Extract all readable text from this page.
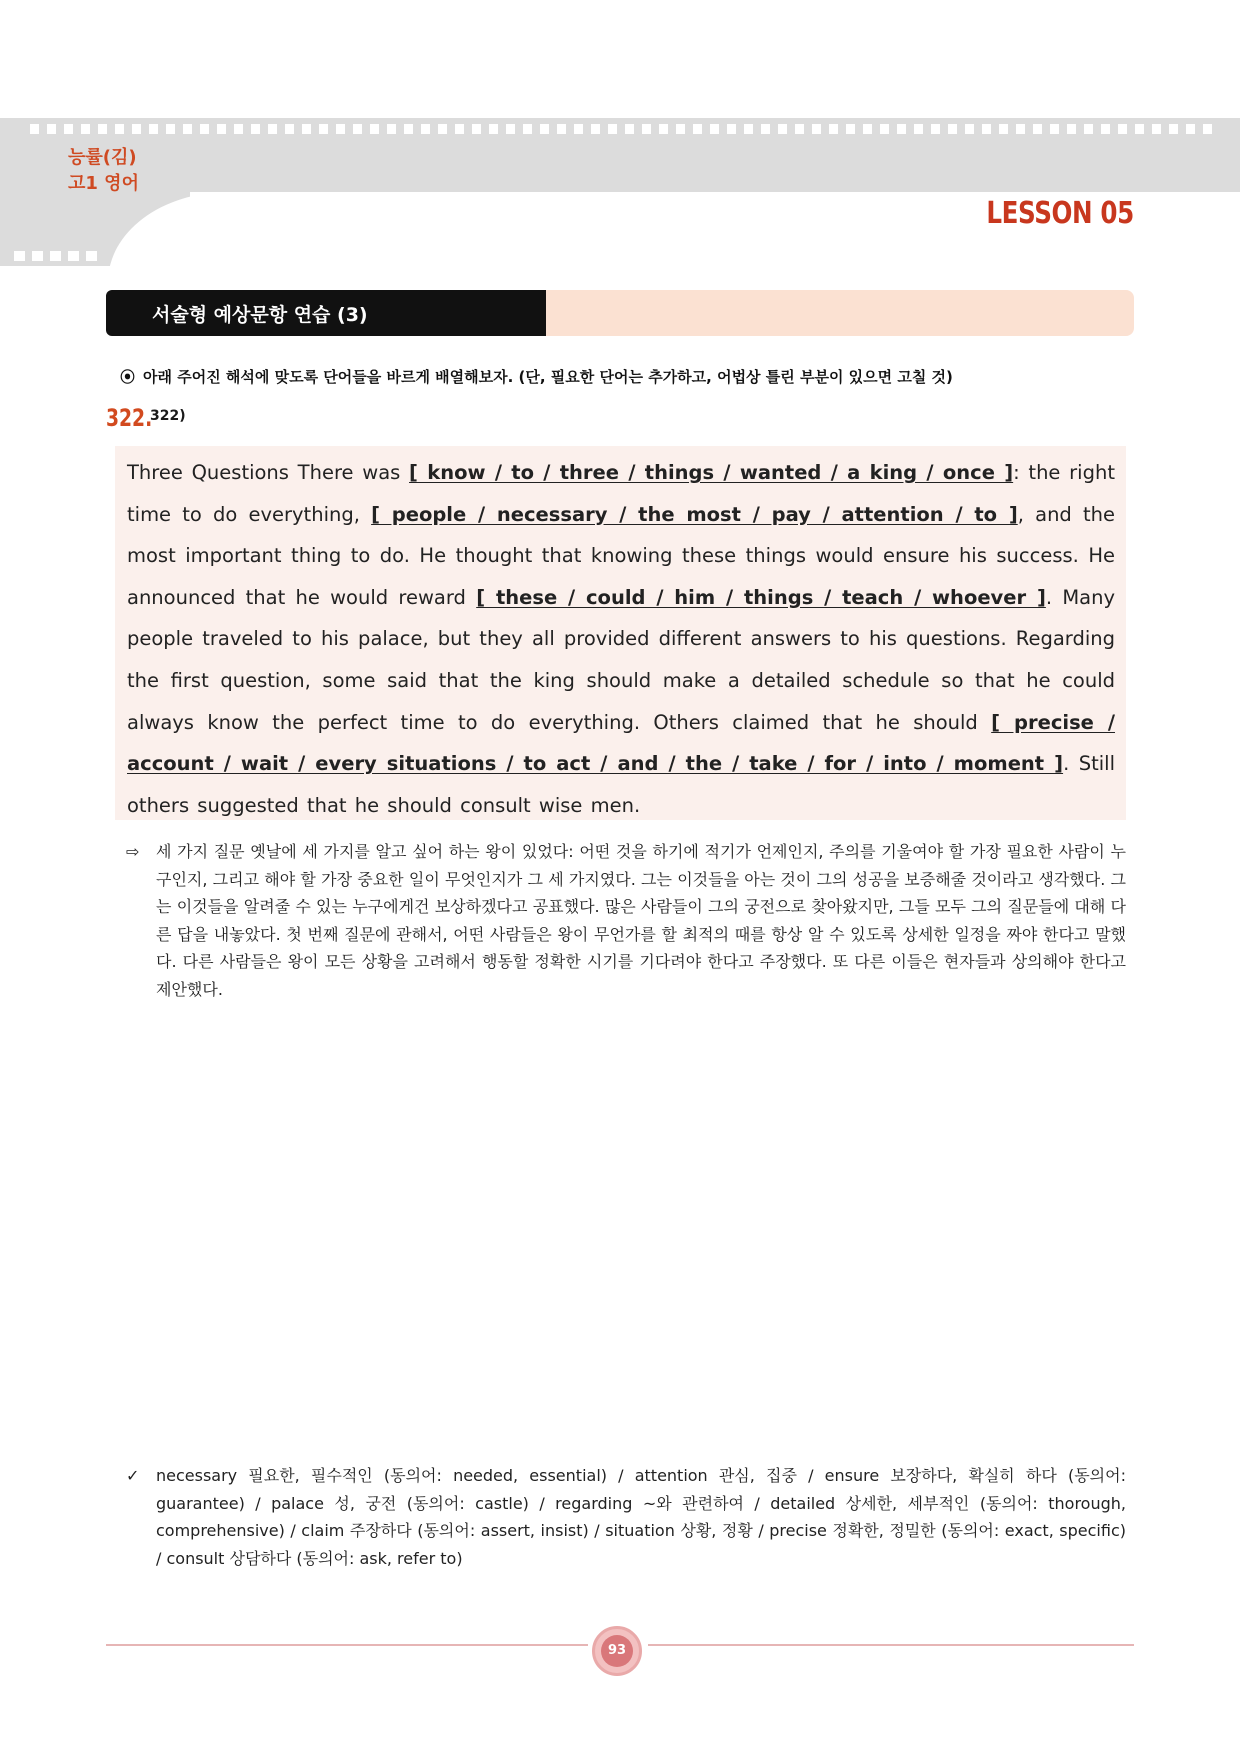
능률(김)
고1 영어
LESSON 05
서술형 예상문항 연습 (3)
⦿ 아래 주어진 해석에 맞도록 단어들을 바르게 배열해보자. (단, 필요한 단어는 추가하고, 어법상 틀린 부분이 있으면 고칠 것)
322.
322)
Three Questions There was [ know / to / three / things / wanted / a king / once ]: the right time to do everything, [ people / necessary / the most / pay / attention / to ], and the most important thing to do. He thought that knowing these things would ensure his success. He announced that he would reward [ these / could / him / things / teach / whoever ]. Many people traveled to his palace, but they all provided different answers to his questions. Regarding the first question, some said that the king should make a detailed schedule so that he could always know the perfect time to do everything. Others claimed that he should [ precise / account / wait / every situations / to act / and / the / take / for / into / moment ]. Still others suggested that he should consult wise men.
⇨	세 가지 질문 옛날에 세 가지를 알고 싶어 하는 왕이 있었다: 어떤 것을 하기에 적기가 언제인지, 주의를 기울여야 할 가장 필요한 사람이 누구인지, 그리고 해야 할 가장 중요한 일이 무엇인지가 그 세 가지였다. 그는 이것들을 아는 것이 그의 성공을 보증해줄 것이라고 생각했다. 그는 이것들을 알려줄 수 있는 누구에게건 보상하겠다고 공표했다. 많은 사람들이 그의 궁전으로 찾아왔지만, 그들 모두 그의 질문들에 대해 다른 답을 내놓았다. 첫 번째 질문에 관해서, 어떤 사람들은 왕이 무언가를 할 최적의 때를 항상 알 수 있도록 상세한 일정을 짜야 한다고 말했다. 다른 사람들은 왕이 모든 상황을 고려해서 행동할 정확한 시기를 기다려야 한다고 주장했다. 또 다른 이들은 현자들과 상의해야 한다고 제안했다.
✓	necessary 필요한, 필수적인 (동의어: needed, essential) / attention 관심, 집중 / ensure 보장하다, 확실히 하다 (동의어: guarantee) / palace 성, 궁전 (동의어: castle) / regarding ~와 관련하여 / detailed 상세한, 세부적인 (동의어: thorough, comprehensive) / claim 주장하다 (동의어: assert, insist) / situation 상황, 정황 / precise 정확한, 정밀한 (동의어: exact, specific) / consult 상담하다 (동의어: ask, refer to)
93
